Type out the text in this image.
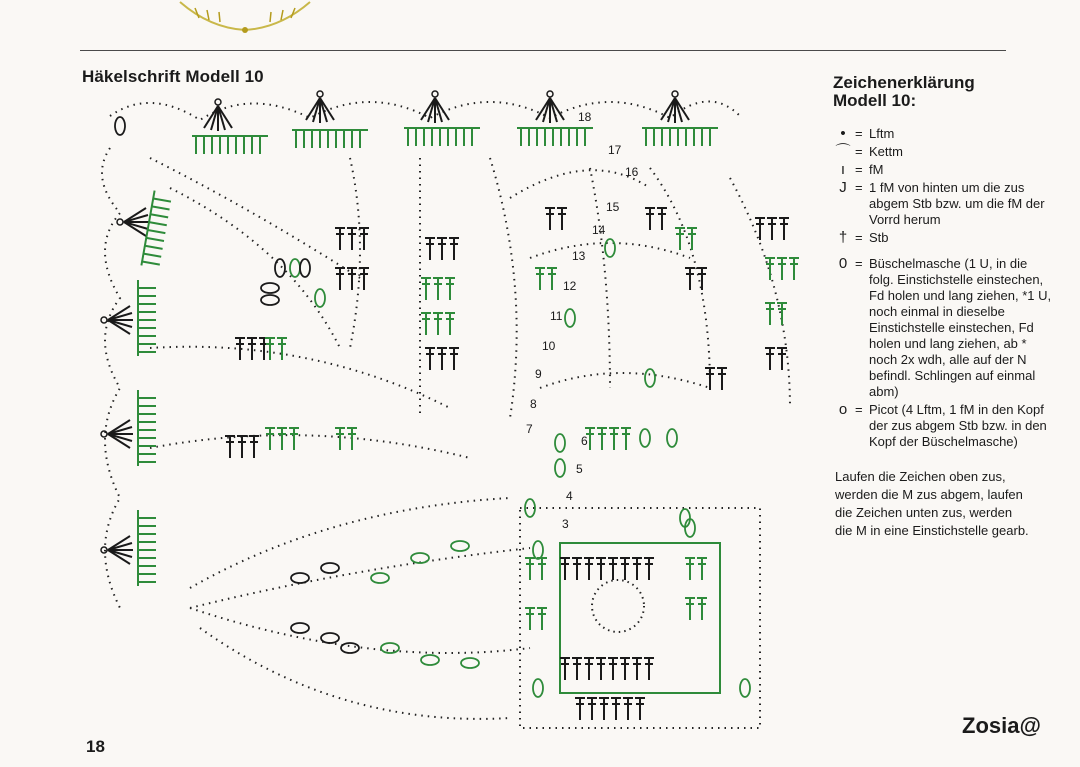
Häkelschrift Modell 10
3
4
5
6
7
8
9
10
11
12
13
14
15
16
17
18
Zeichenerklärung
Modell 10:
• = Lftm
⌒ = Kettm
ı = fM
J = 1 fM von hinten um die zus abgem Stb bzw. um die fM der Vorrd herum
† = Stb
0 = Büschelmasche (1 U, in die folg. Einstichstelle einstechen, Fd holen und lang ziehen, *1 U, noch einmal in dieselbe Einstichstelle einstechen, Fd holen und lang ziehen, ab * noch 2x wdh, alle auf der N befindl. Schlingen auf einmal abm)
o = Picot (4 Lftm, 1 fM in den Kopf der zus abgem Stb bzw. in den Kopf der Büschelmasche)
Laufen die Zeichen oben zus, werden die M zus abgem, laufen die Zeichen unten zus, werden die M in eine Einstichstelle gearb.
18
Zosia@
